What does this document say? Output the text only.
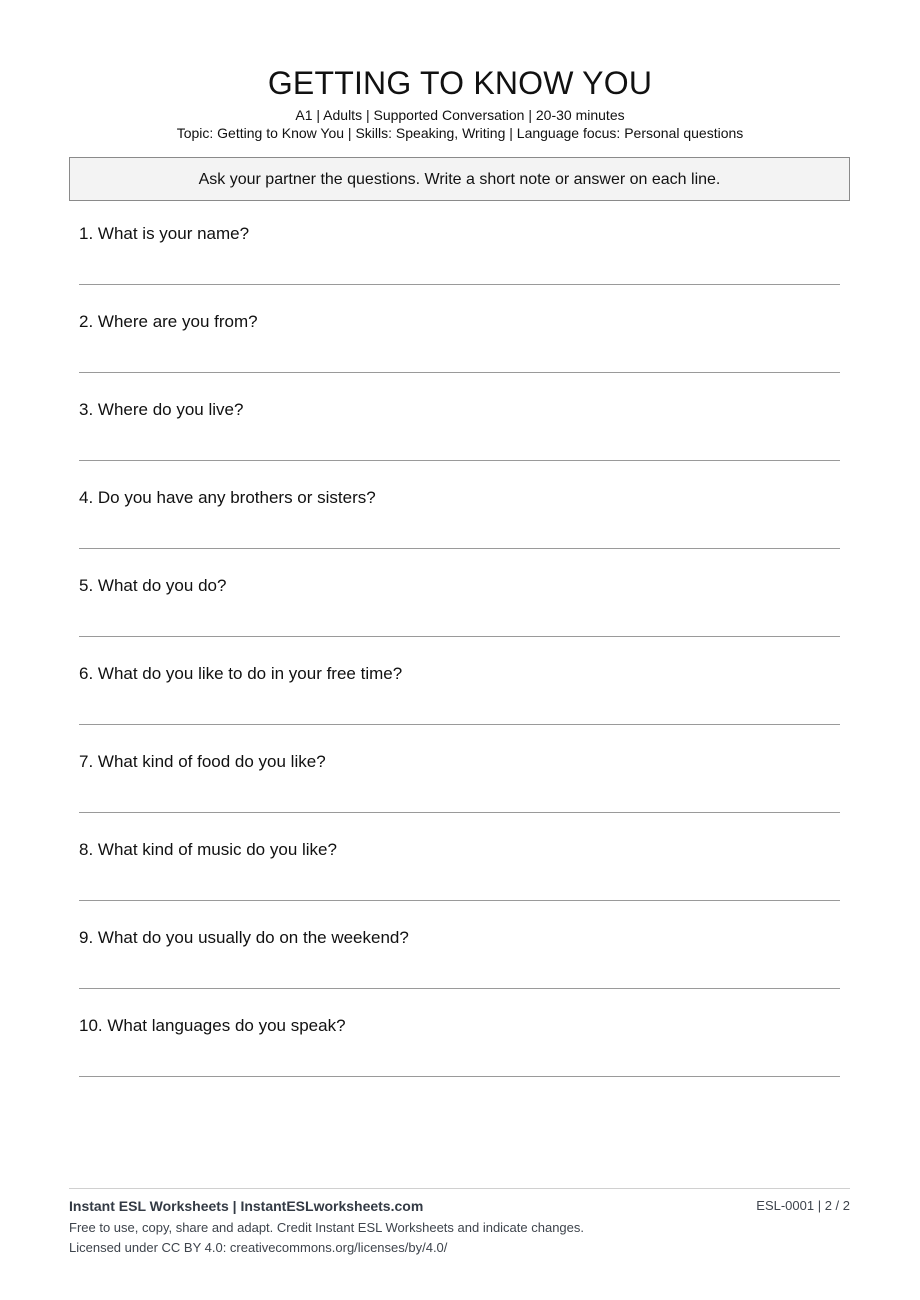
GETTING TO KNOW YOU
A1 | Adults | Supported Conversation | 20-30 minutes
Topic: Getting to Know You | Skills: Speaking, Writing | Language focus: Personal questions
Ask your partner the questions. Write a short note or answer on each line.
1. What is your name?
2. Where are you from?
3. Where do you live?
4. Do you have any brothers or sisters?
5. What do you do?
6. What do you like to do in your free time?
7. What kind of food do you like?
8. What kind of music do you like?
9. What do you usually do on the weekend?
10. What languages do you speak?
Instant ESL Worksheets | InstantESLworksheets.com	ESL-0001 | 2 / 2
Free to use, copy, share and adapt. Credit Instant ESL Worksheets and indicate changes.
Licensed under CC BY 4.0: creativecommons.org/licenses/by/4.0/
